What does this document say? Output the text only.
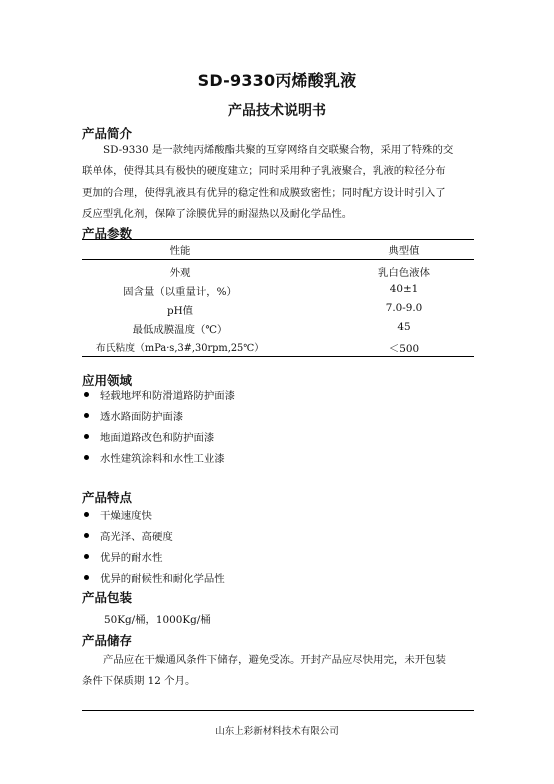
SD-9330丙烯酸乳液
产品技术说明书
产品简介
SD-9330 是一款纯丙烯酸酯共聚的互穿网络自交联聚合物，采用了特殊的交
联单体，使得其具有极快的硬度建立；同时采用种子乳液聚合，乳液的粒径分布
更加的合理，使得乳液具有优异的稳定性和成膜致密性；同时配方设计时引入了
反应型乳化剂，保障了涂膜优异的耐湿热以及耐化学品性。
产品参数
性能	典型值
外观	乳白色液体
固含量（以重量计，%）	40±1
pH值	7.0-9.0
最低成膜温度（℃）	45
布氏粘度（mPa·s,3#,30rpm,25℃）	＜500
应用领域
轻载地坪和防滑道路防护面漆
透水路面防护面漆
地面道路改色和防护面漆
水性建筑涂料和水性工业漆
产品特点
干燥速度快
高光泽、高硬度
优异的耐水性
优异的耐候性和耐化学品性
产品包装
50Kg/桶，1000Kg/桶
产品储存
产品应在干燥通风条件下储存，避免受冻。开封产品应尽快用完，未开包装
条件下保质期 12 个月。
山东上彩新材料技术有限公司
